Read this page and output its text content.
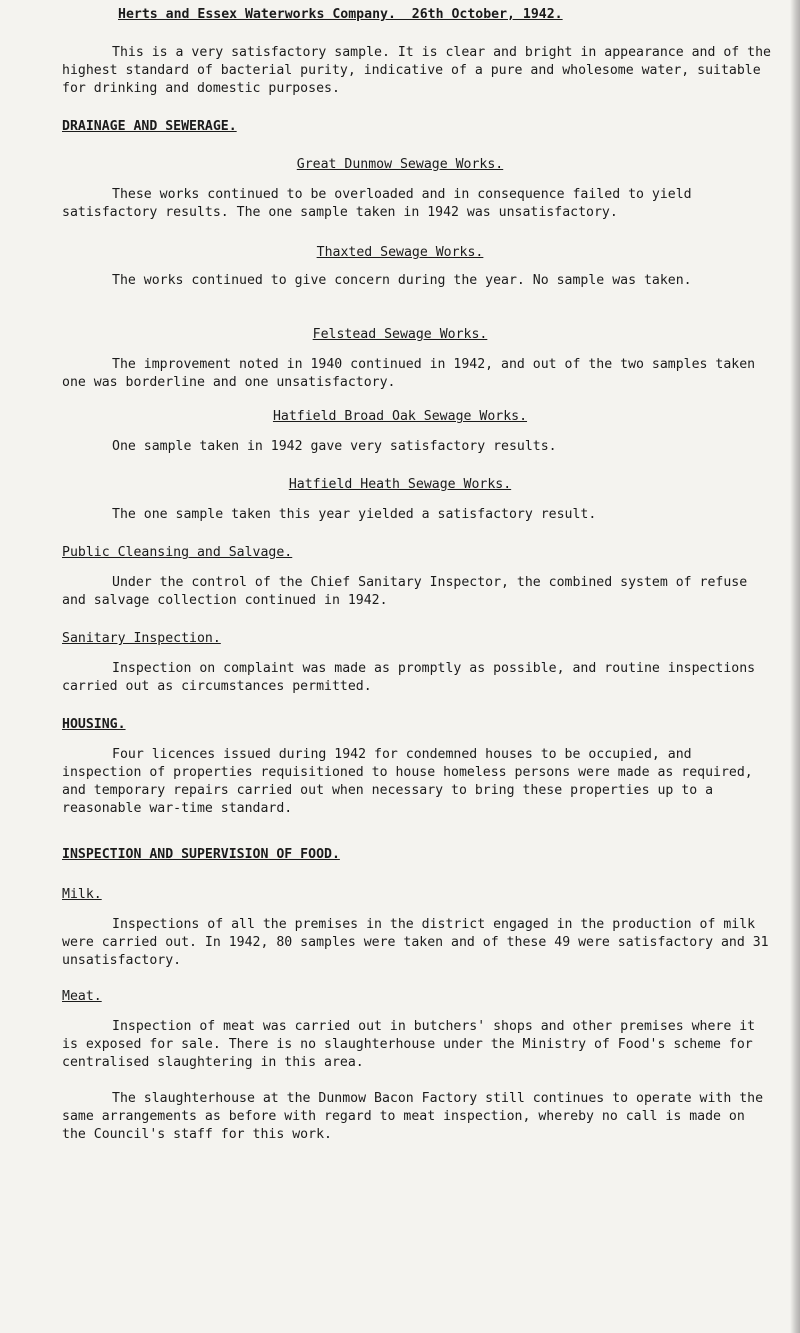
Herts and Essex Waterworks Company.  26th October, 1942.

This is a very satisfactory sample. It is clear and bright in appearance and of the highest standard of bacterial purity, indicative of a pure and wholesome water, suitable for drinking and domestic purposes.

DRAINAGE AND SEWERAGE.

Great Dunmow Sewage Works.

These works continued to be overloaded and in consequence failed to yield satisfactory results. The one sample taken in 1942 was unsatisfactory.

Thaxted Sewage Works.

The works continued to give concern during the year. No sample was taken.

Felstead Sewage Works.

The improvement noted in 1940 continued in 1942, and out of the two samples taken one was borderline and one unsatisfactory.

Hatfield Broad Oak Sewage Works.

One sample taken in 1942 gave very satisfactory results.

Hatfield Heath Sewage Works.

The one sample taken this year yielded a satisfactory result.

Public Cleansing and Salvage.

Under the control of the Chief Sanitary Inspector, the combined system of refuse and salvage collection continued in 1942.

Sanitary Inspection.

Inspection on complaint was made as promptly as possible, and routine inspections carried out as circumstances permitted.

HOUSING.

Four licences issued during 1942 for condemned houses to be occupied, and inspection of properties requisitioned to house homeless persons were made as required, and temporary repairs carried out when necessary to bring these properties up to a reasonable war-time standard.

INSPECTION AND SUPERVISION OF FOOD.

Milk.

Inspections of all the premises in the district engaged in the production of milk were carried out. In 1942, 80 samples were taken and of these 49 were satisfactory and 31 unsatisfactory.

Meat.

Inspection of meat was carried out in butchers' shops and other premises where it is exposed for sale. There is no slaughterhouse under the Ministry of Food's scheme for centralised slaughtering in this area.

The slaughterhouse at the Dunmow Bacon Factory still continues to operate with the same arrangements as before with regard to meat inspection, whereby no call is made on the Council's staff for this work.
